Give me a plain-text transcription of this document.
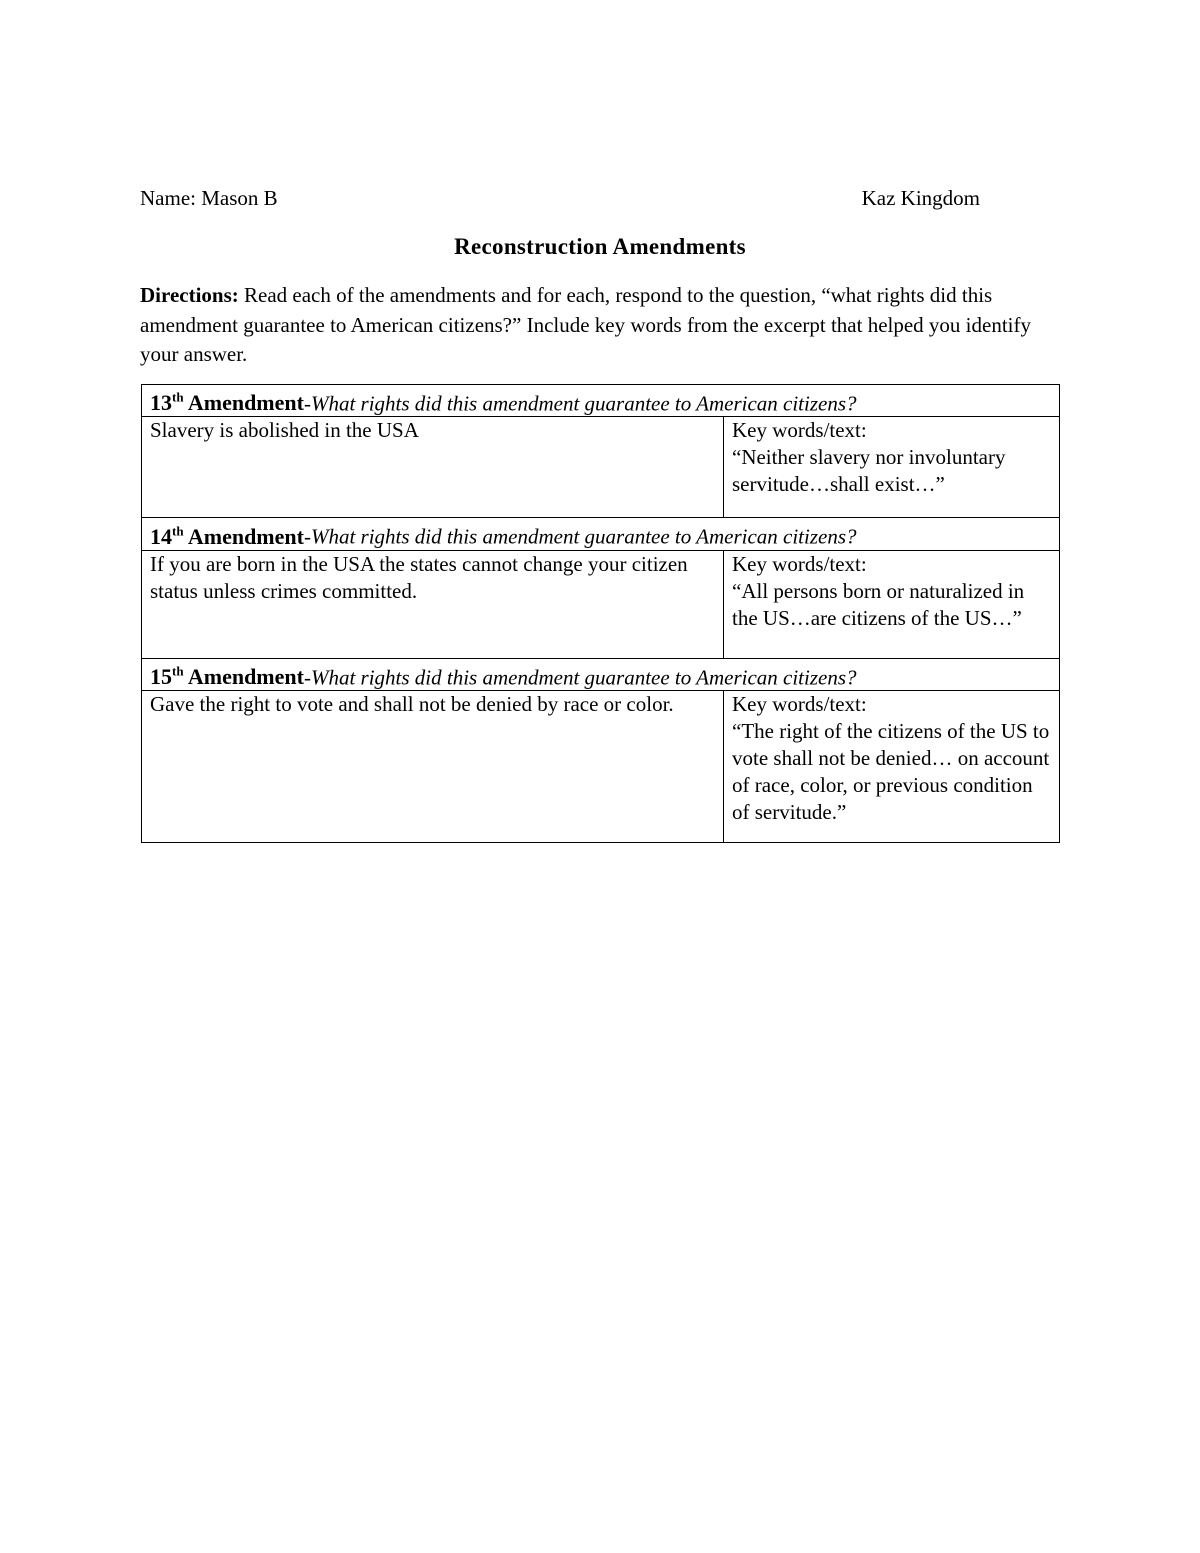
Name: Mason B	Kaz Kingdom
Reconstruction Amendments
Directions: Read each of the amendments and for each, respond to the question, “what rights did this amendment guarantee to American citizens?” Include key words from the excerpt that helped you identify your answer.
13th Amendment-What rights did this amendment guarantee to American citizens?	
Slavery is abolished in the USA	Key words/text:
“Neither slavery nor involuntary servitude…shall exist…”

14th Amendment-What rights did this amendment guarantee to American citizens?	
If you are born in the USA the states cannot change your citizen status unless crimes committed.	Key words/text:
“All persons born or naturalized in the US…are citizens of the US…”

15th Amendment-What rights did this amendment guarantee to American citizens?	
Gave the right to vote and shall not be denied by race or color.	Key words/text:
“The right of the citizens of the US to vote shall not be denied… on account of race, color, or previous condition of servitude.”
